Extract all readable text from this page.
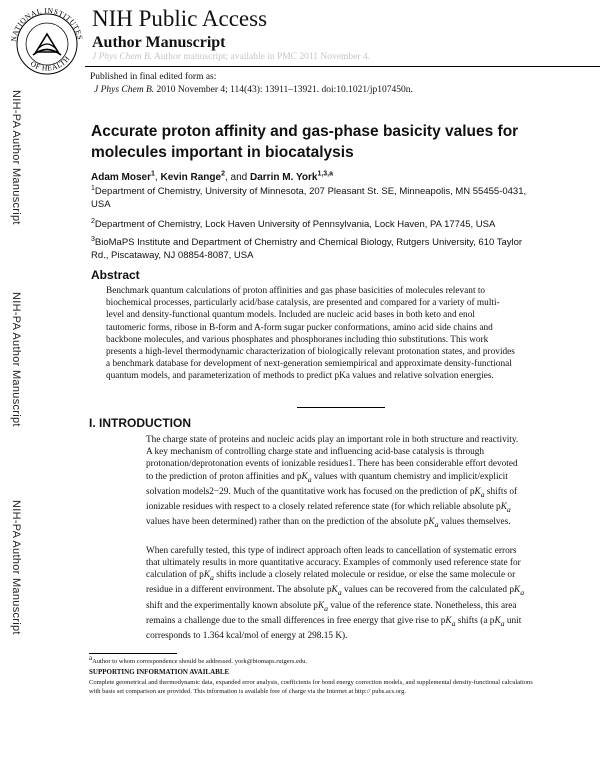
NATIONAL INSTITUTES
OF HEALTH
NIH Public Access
Author Manuscript
J Phys Chem B. Author manuscript; available in PMC 2011 November 4.
Published in final edited form as:
J Phys Chem B. 2010 November 4; 114(43): 13911–13921. doi:10.1021/jp107450n.
NIH-PA Author Manuscript
NIH-PA Author Manuscript
NIH-PA Author Manuscript
Accurate proton affinity and gas-phase basicity values for molecules important in biocatalysis
Adam Moser$^1$, Kevin Range$^2$, and Darrin M. York$^{1,3,a}$
$^1$Department of Chemistry, University of Minnesota, 207 Pleasant St. SE, Minneapolis, MN 55455-0431, USA
$^2$Department of Chemistry, Lock Haven University of Pennsylvania, Lock Haven, PA 17745, USA
$^3$BioMaPS Institute and Department of Chemistry and Chemical Biology, Rutgers University, 610 Taylor Rd., Piscataway, NJ 08854-8087, USA
Abstract
Benchmark quantum calculations of proton affinities and gas phase basicities of molecules relevant to biochemical processes, particularly acid/base catalysis, are presented and compared for a variety of multi-level and density-functional quantum models. Included are nucleic acid bases in both keto and enol tautomeric forms, ribose in B-form and A-form sugar pucker conformations, amino acid side chains and backbone molecules, and various phosphates and phosphoranes including thio substitutions. This work presents a high-level thermodynamic characterization of biologically relevant protonation states, and provides a benchmark database for development of next-generation semiempirical and approximate density-functional quantum models, and parameterization of methods to predict pKa values and relative solvation energies.
I. INTRODUCTION
The charge state of proteins and nucleic acids play an important role in both structure and reactivity. A key mechanism of controlling charge state and influencing acid-base catalysis is through protonation/deprotonation events of ionizable residues1. There has been considerable effort devoted to the prediction of proton affinities and $pK_a$ values with quantum chemistry and implicit/explicit solvation models2−29. Much of the quantitative work has focused on the prediction of $pK_a$ shifts of ionizable residues with respect to a closely related reference state (for which reliable absolute $pK_a$ values have been determined) rather than on the prediction of the absolute $pK_a$ values themselves.
When carefully tested, this type of indirect approach often leads to cancellation of systematic errors that ultimately results in more quantitative accuracy. Examples of commonly used reference state for calculation of $pK_a$ shifts include a closely related molecule or residue, or else the same molecule or residue in a different environment. The absolute $pK_a$ values can be recovered from the calculated $pK_a$ shift and the experimentally known absolute $pK_a$ value of the reference state. Nonetheless, this area remains a challenge due to the small differences in free energy that give rise to $pK_a$ shifts (a $pK_a$ unit corresponds to 1.364 kcal/mol of energy at 298.15 K).
$^a$Author to whom correspondence should be addressed. york@biomaps.rutgers.edu.
SUPPORTING INFORMATION AVAILABLE
Complete geometrical and thermodynamic data, expanded error analysis, coefficients for bond energy correction models, and supplemental density-functional calculations with basis set comparison are provided. This information is available free of charge via the Internet at http:// pubs.acs.org.
